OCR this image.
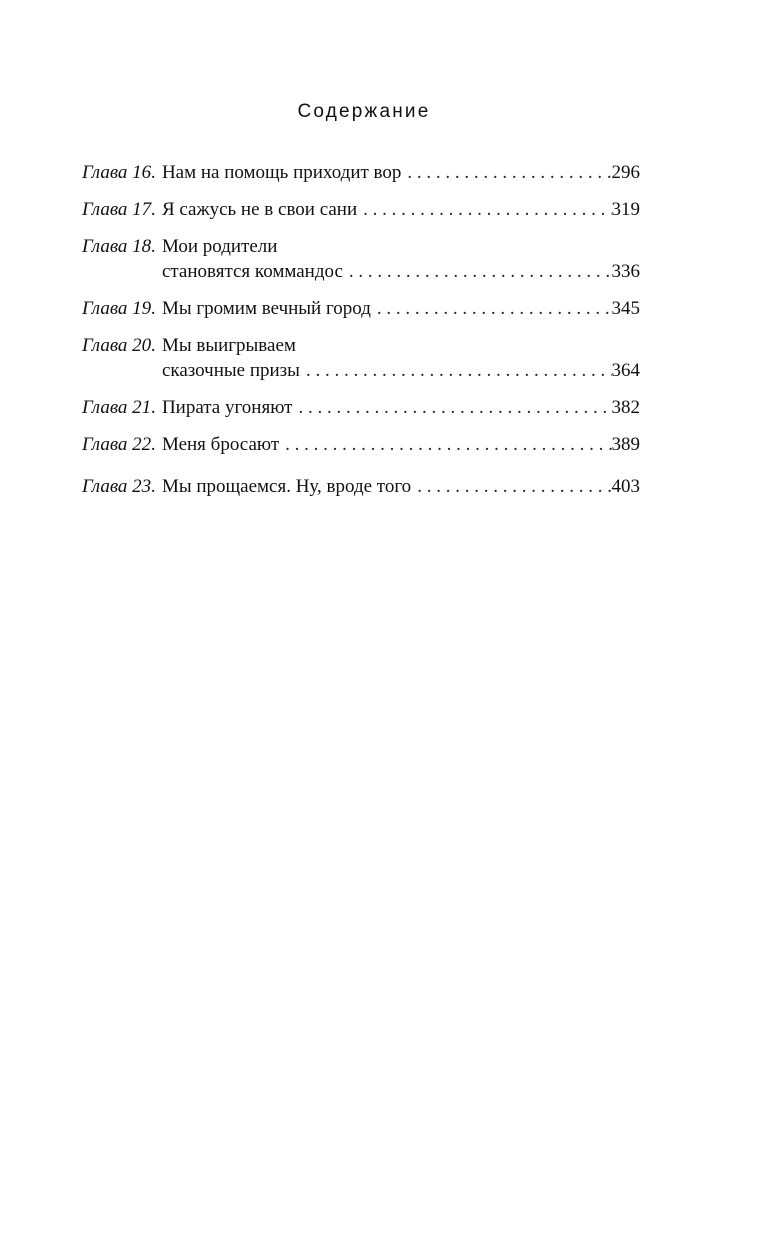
Содержание
Глава 16. Нам на помощь приходит вор . . .	296
Глава 17. Я сажусь не в свои сани . . .	319
Глава 18. Мои родители
становятся коммандос . . .	336
Глава 19. Мы громим вечный город . . .	345
Глава 20. Мы выигрываем
сказочные призы . . .	364
Глава 21. Пирата угоняют . . .	382
Глава 22. Меня бросают . . .	389
Глава 23. Мы прощаемся. Ну, вроде того . . .	403
